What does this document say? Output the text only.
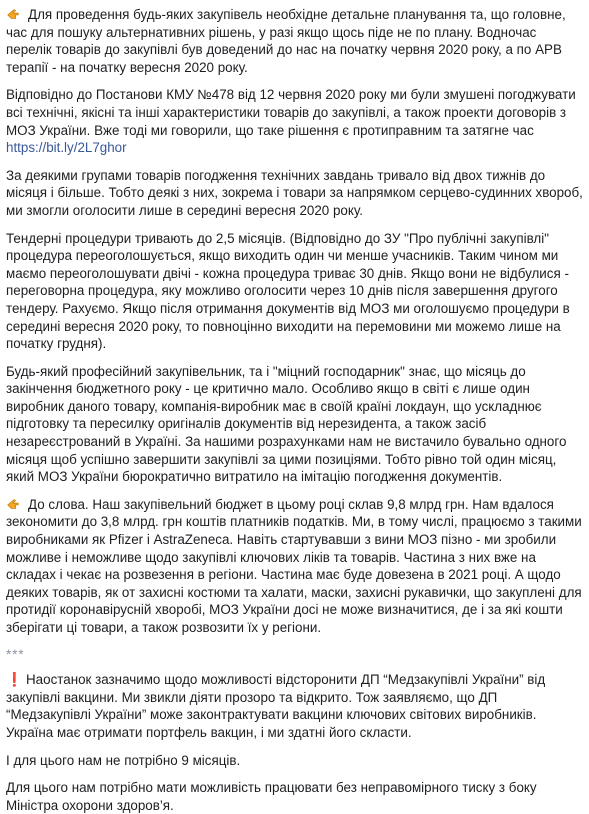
Для проведення будь-яких закупівель необхідне детальне планування та, що головне, час для пошуку альтернативних рішень, у разі якщо щось піде не по плану. Водночас перелік товарів до закупівлі був доведений до нас на початку червня 2020 року, а по АРВ терапії - на початку вересня 2020 року.

Відповідно до Постанови КМУ №478 від 12 червня 2020 року ми були змушені погоджувати всі технічні, якісні та інші характеристики товарів до закупівлі, а також проекти договорів з МОЗ України. Вже тоді ми говорили, що таке рішення є протиправним та затягне час https://bit.ly/2L7ghor

За деякими групами товарів погодження технічних завдань тривало від двох тижнів до місяця і більше. Тобто деякі з них, зокрема і товари за напрямком серцево-судинних хвороб, ми змогли оголосити лише в середині вересня 2020 року.

Тендерні процедури тривають до 2,5 місяців. (Відповідно до ЗУ "Про публічні закупівлі" процедура переоголошується, якщо виходить один чи менше учасників. Таким чином ми маємо переоголошувати двічі - кожна процедура триває 30 днів. Якщо вони не відбулися - переговорна процедура, яку можливо оголосити через 10 днів після завершення другого тендеру. Рахуємо. Якщо після отримання документів від МОЗ ми оголошуємо процедури в середині вересня 2020 року, то повноцінно виходити на перемовини ми можемо лише на початку грудня).

Будь-який професійний закупівельник, та і "міцний господарник" знає, що місяць до закінчення бюджетного року - це критично мало. Особливо якщо в світі є лише один виробник даного товару, компанія-виробник має в своїй країні локдаун, що ускладнює підготовку та пересилку оригіналів документів від нерезидента, а також засіб незареєстрований в Україні. За нашими розрахунками нам не вистачило бувально одного місяця щоб успішно завершити закупівлі за цими позиціями. Тобто рівно той один місяц, який МОЗ України бюрократично витратило на імітацію погодження документів.

До слова. Наш закупівельний бюджет в цьому році склав 9,8 млрд грн. Нам вдалося зекономити до 3,8 млрд. грн коштів платників податків. Ми, в тому числі, працюємо з такими виробниками як Pfizer і AstraZeneca. Навіть стартувавши з вини МОЗ пізно - ми зробили можливе і неможливе щодо закупівлі ключових ліків та товарів. Частина з них вже на складах і чекає на розвезення в регіони. Частина має буде довезена в 2021 році. А щодо деяких товарів, як от захисні костюми та халати, маски, захисні рукавички, що закуплені для протидії коронавірусній хворобі, МОЗ України досі не може визначитися, де і за які кошти зберігати ці товари, а також розвозити їх у регіони.

***

❗ Наостанок зазначимо щодо можливості відсторонити ДП “Медзакупівлі України” від закупівлі вакцини. Ми звикли діяти прозоро та відкрито. Тож заявляємо, що ДП “Медзакупівлі України” може законтрактувати вакцини ключових світових виробників. Україна має отримати портфель вакцин, і ми здатні його скласти.

І для цього нам не потрібно 9 місяців.

Для цього нам потрібно мати можливість працювати без неправомірного тиску з боку Міністра охорони здоров’я.
